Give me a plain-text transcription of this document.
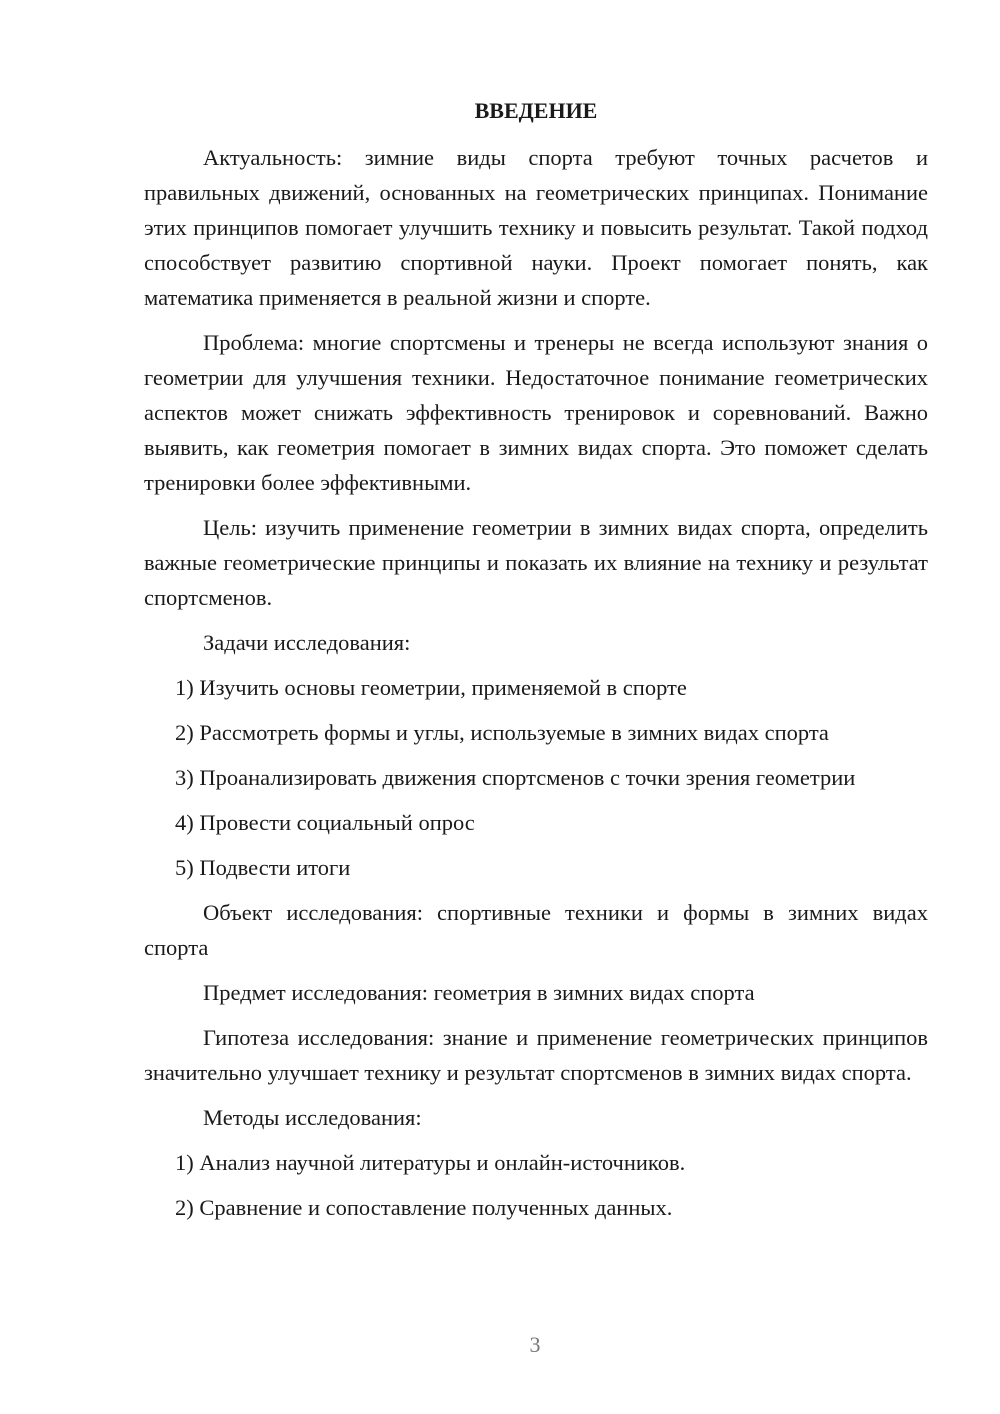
ВВЕДЕНИЕ

Актуальность: зимние виды спорта требуют точных расчетов и правильных движений, основанных на геометрических принципах. Понимание этих принципов помогает улучшить технику и повысить результат. Такой подход способствует развитию спортивной науки. Проект помогает понять, как математика применяется в реальной жизни и спорте.

Проблема: многие спортсмены и тренеры не всегда используют знания о геометрии для улучшения техники. Недостаточное понимание геометрических аспектов может снижать эффективность тренировок и соревнований. Важно выявить, как геометрия помогает в зимних видах спорта. Это поможет сделать тренировки более эффективными.

Цель: изучить применение геометрии в зимних видах спорта, определить важные геометрические принципы и показать их влияние на технику и результат спортсменов.

Задачи исследования:

1) Изучить основы геометрии, применяемой в спорте
2) Рассмотреть формы и углы, используемые в зимних видах спорта
3) Проанализировать движения спортсменов с точки зрения геометрии
4) Провести социальный опрос
5) Подвести итоги

Объект исследования: спортивные техники и формы в зимних видах спорта

Предмет исследования: геометрия в зимних видах спорта

Гипотеза исследования: знание и применение геометрических принципов значительно улучшает технику и результат спортсменов в зимних видах спорта.

Методы исследования:

1) Анализ научной литературы и онлайн-источников.
2) Сравнение и сопоставление полученных данных.
3
